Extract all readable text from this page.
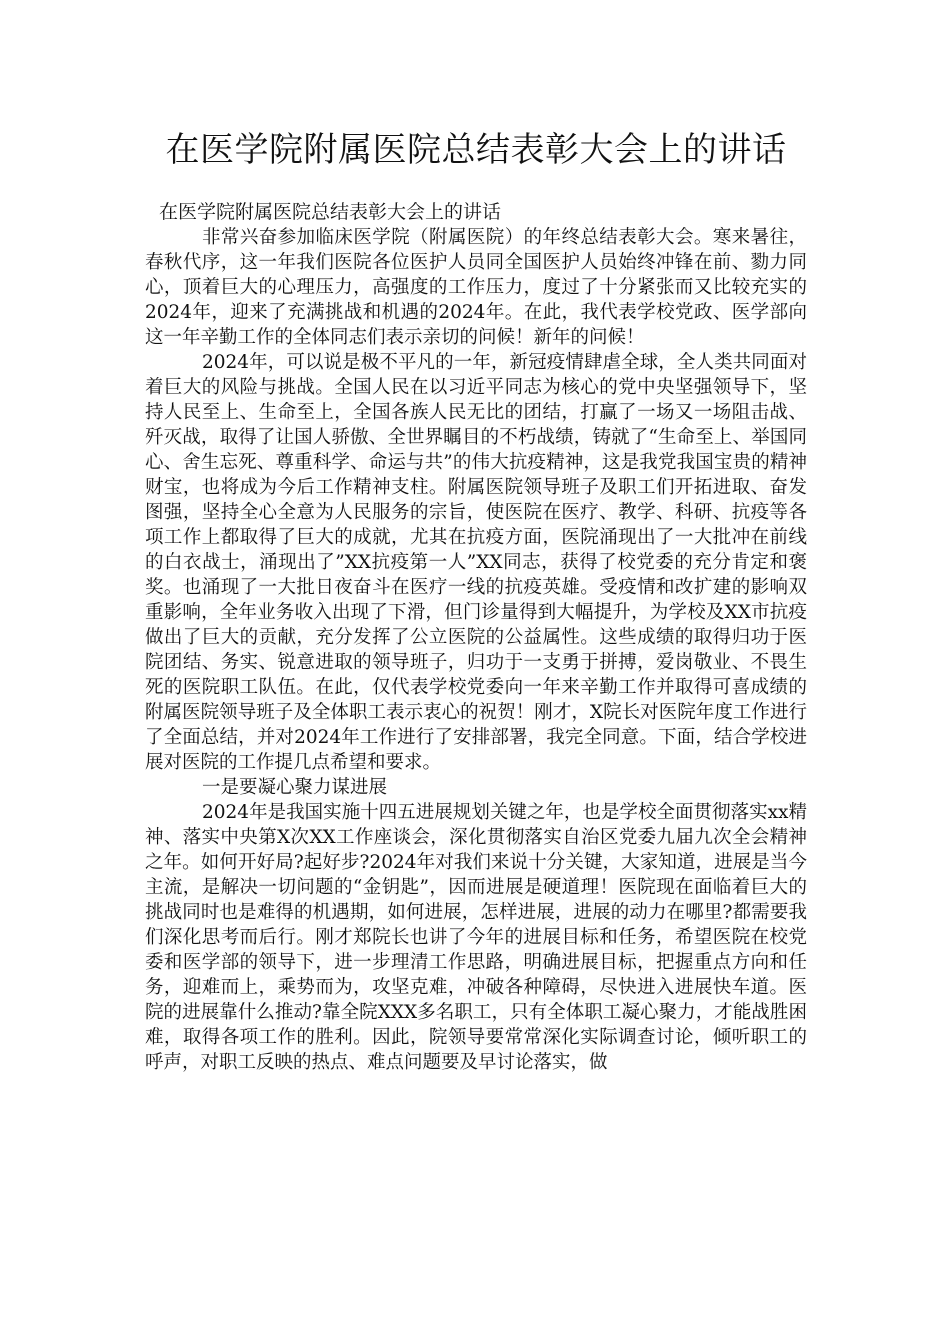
在医学院附属医院总结表彰大会上的讲话
在医学院附属医院总结表彰大会上的讲话

非常兴奋参加临床医学院（附属医院）的年终总结表彰大会。寒来暑往，春秋代序，这一年我们医院各位医护人员同全国医护人员始终冲锋在前、勠力同心，顶着巨大的心理压力，高强度的工作压力，度过了十分紧张而又比较充实的2024年，迎来了充满挑战和机遇的2024年。在此，我代表学校党政、医学部向这一年辛勤工作的全体同志们表示亲切的问候！新年的问候！

2024年，可以说是极不平凡的一年，新冠疫情肆虐全球，全人类共同面对着巨大的风险与挑战。全国人民在以习近平同志为核心的党中央坚强领导下，坚持人民至上、生命至上，全国各族人民无比的团结，打赢了一场又一场阻击战、歼灭战，取得了让国人骄傲、全世界瞩目的不朽战绩，铸就了“生命至上、举国同心、舍生忘死、尊重科学、命运与共”的伟大抗疫精神，这是我党我国宝贵的精神财宝，也将成为今后工作精神支柱。附属医院领导班子及职工们开拓进取、奋发图强，坚持全心全意为人民服务的宗旨，使医院在医疗、教学、科研、抗疫等各项工作上都取得了巨大的成就，尤其在抗疫方面，医院涌现出了一大批冲在前线的白衣战士，涌现出了”XX抗疫第一人”XX同志，获得了校党委的充分肯定和褒奖。也涌现了一大批日夜奋斗在医疗一线的抗疫英雄。受疫情和改扩建的影响双重影响，全年业务收入出现了下滑，但门诊量得到大幅提升，为学校及XX市抗疫做出了巨大的贡献，充分发挥了公立医院的公益属性。这些成绩的取得归功于医院团结、务实、锐意进取的领导班子，归功于一支勇于拼搏，爱岗敬业、不畏生死的医院职工队伍。在此，仅代表学校党委向一年来辛勤工作并取得可喜成绩的附属医院领导班子及全体职工表示衷心的祝贺！刚才，X院长对医院年度工作进行了全面总结，并对2024年工作进行了安排部署，我完全同意。下面，结合学校进展对医院的工作提几点希望和要求。

一是要凝心聚力谋进展

2024年是我国实施十四五进展规划关键之年，也是学校全面贯彻落实xx精神、落实中央第X次XX工作座谈会，深化贯彻落实自治区党委九届九次全会精神之年。如何开好局?起好步?2024年对我们来说十分关键，大家知道，进展是当今主流，是解决一切问题的“金钥匙”，因而进展是硬道理！医院现在面临着巨大的挑战同时也是难得的机遇期，如何进展，怎样进展，进展的动力在哪里?都需要我们深化思考而后行。刚才郑院长也讲了今年的进展目标和任务，希望医院在校党委和医学部的领导下，进一步理清工作思路，明确进展目标，把握重点方向和任务，迎难而上，乘势而为，攻坚克难，冲破各种障碍，尽快进入进展快车道。医院的进展靠什么推动?靠全院XXX多名职工，只有全体职工凝心聚力，才能战胜困难，取得各项工作的胜利。因此，院领导要常常深化实际调查讨论，倾听职工的呼声，对职工反映的热点、难点问题要及早讨论落实，做
